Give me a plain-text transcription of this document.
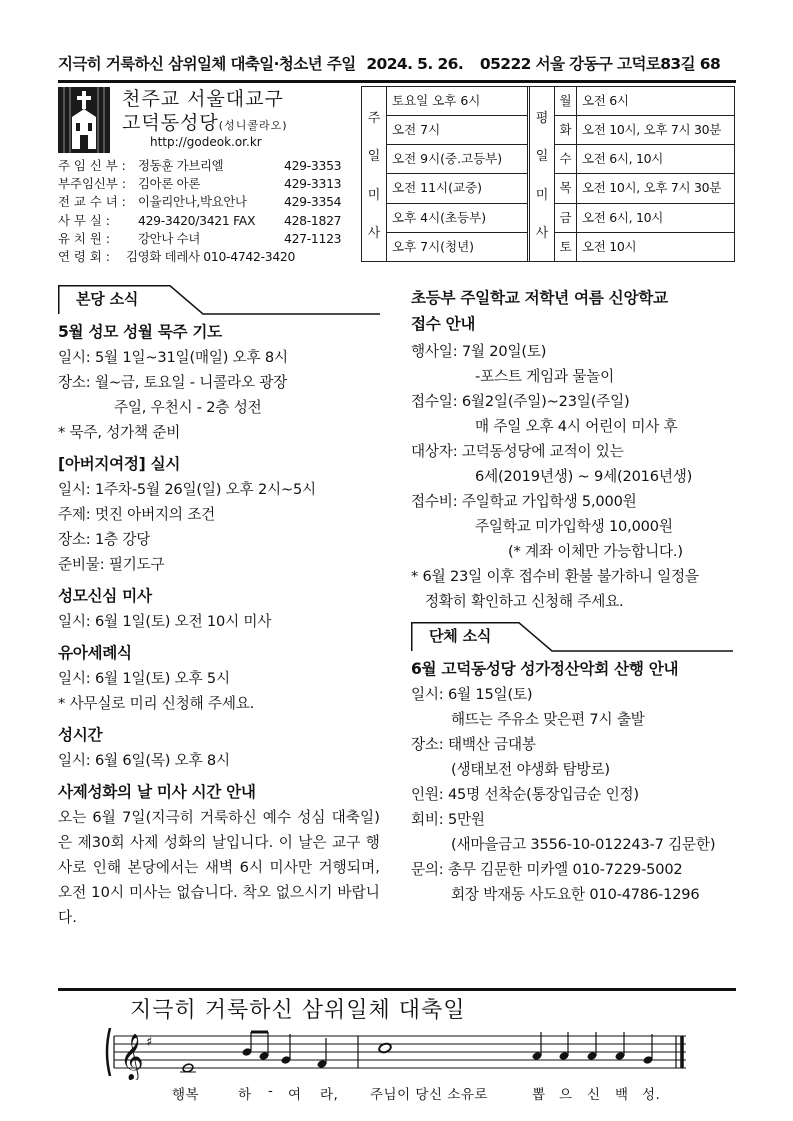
지극히 거룩하신 삼위일체 대축일·청소년 주일 2024. 5. 26. 05222 서울 강동구 고덕로83길 68
천주교 서울대교구
고덕동성당(성니콜라오)
http://godeok.or.kr
주 임 신 부 : 정동훈 가브리엘	429-3353
부주임신부 : 김아론 아론	429-3313
전 교 수 녀 : 이율리안나,박요안나	429-3354
사 무 실 :	429-3420/3421 FAX	428-1827
유 치 원 :	강안나 수녀	427-1123
연 령 회 :	김영화 데레사 010-4742-3420
주
일
미
사
토요일 오후 6시
오전 7시
오전 9시(중.고등부)
오전 11시(교중)
오후 4시(초등부)
오후 7시(청년)
평
일
미
사
월 오전 6시
화 오전 10시, 오후 7시 30분
수 오전 6시, 10시
목 오전 10시, 오후 7시 30분
금 오전 6시, 10시
토 오전 10시
본당 소식
5월 성모 성월 묵주 기도
일시: 5월 1일~31일(매일) 오후 8시
장소: 월~금, 토요일 - 니콜라오 광장
주일, 우천시 - 2층 성전
* 묵주, 성가책 준비
[아버지여정] 실시
일시: 1주차-5월 26일(일) 오후 2시~5시
주제: 멋진 아버지의 조건
장소: 1층 강당
준비물: 필기도구
성모신심 미사
일시: 6월 1일(토) 오전 10시 미사
유아세례식
일시: 6월 1일(토) 오후 5시
* 사무실로 미리 신청해 주세요.
성시간
일시: 6월 6일(목) 오후 8시
사제성화의 날 미사 시간 안내
오는 6월 7일(지극히 거룩하신 예수 성심 대축일)은 제30회 사제 성화의 날입니다. 이 날은 교구 행사로 인해 본당에서는 새벽 6시 미사만 거행되며, 오전 10시 미사는 없습니다. 착오 없으시기 바랍니다.
초등부 주일학교 저학년 여름 신앙학교
접수 안내
행사일: 7월 20일(토)
-포스트 게임과 물놀이
접수일: 6월2일(주일)~23일(주일)
매 주일 오후 4시 어린이 미사 후
대상자: 고덕동성당에 교적이 있는
6세(2019년생) ~ 9세(2016년생)
접수비: 주일학교 가입학생 5,000원
주일학교 미가입학생 10,000원
(* 계좌 이체만 가능합니다.)
* 6월 23일 이후 접수비 환불 불가하니 일정을
정확히 확인하고 신청해 주세요.
단체 소식
6월 고덕동성당 성가정산악회 산행 안내
일시: 6월 15일(토)
해뜨는 주유소 맞은편 7시 출발
장소: 태백산 금대봉
(생태보전 야생화 탐방로)
인원: 45명 선착순(통장입금순 인정)
회비: 5만원
(새마을금고 3556-10-012243-7 김문한)
문의: 총무 김문한 미카엘 010-7229-5002
회장 박재동 사도요한 010-4786-1296
지극히 거룩하신 삼위일체 대축일
𝄞 ♯
행복	하 - 여 라, 주님이 당신 소유로	뽑 으 신 백 성.
